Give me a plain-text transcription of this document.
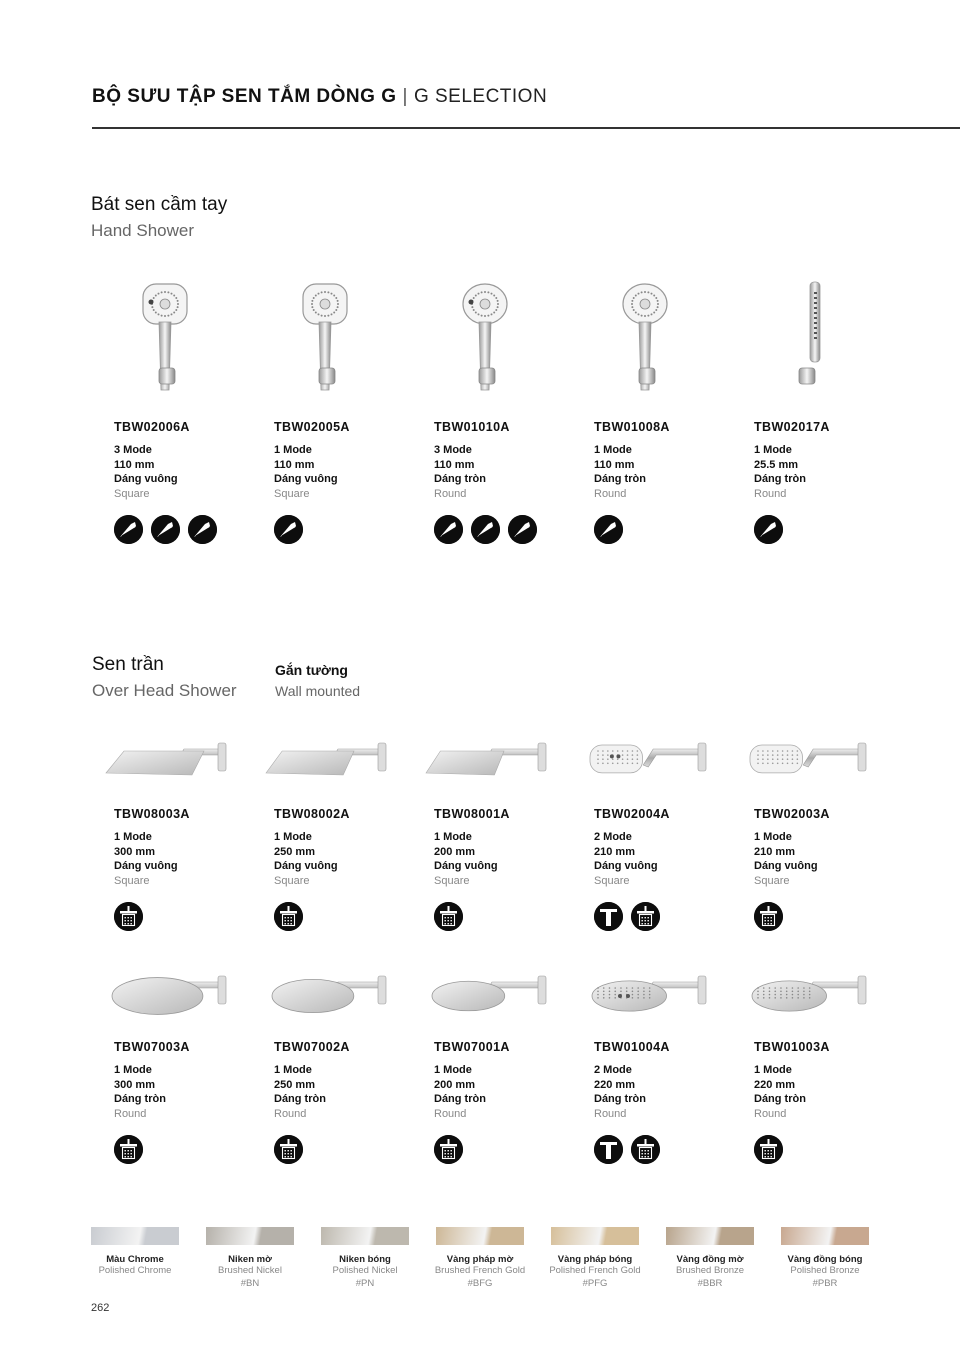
BỘ SƯU TẬP SEN TẮM DÒNG G | G SELECTION
Bát sen cầm tay
Hand Shower
TBW02006A
3 Mode
110 mm
Dáng vuông
Square
TBW02005A
1 Mode
110 mm
Dáng vuông
Square
TBW01010A
3 Mode
110 mm
Dáng tròn
Round
TBW01008A
1 Mode
110 mm
Dáng tròn
Round
TBW02017A
1 Mode
25.5 mm
Dáng tròn
Round
Sen trần
Over Head Shower
Gắn tường
Wall mounted
TBW08003A
1 Mode
300 mm
Dáng vuông
Square
TBW08002A
1 Mode
250 mm
Dáng vuông
Square
TBW08001A
1 Mode
200 mm
Dáng vuông
Square
TBW02004A
2 Mode
210 mm
Dáng vuông
Square
TBW02003A
1 Mode
210 mm
Dáng vuông
Square
TBW07003A
1 Mode
300 mm
Dáng tròn
Round
TBW07002A
1 Mode
250 mm
Dáng tròn
Round
TBW07001A
1 Mode
200 mm
Dáng tròn
Round
TBW01004A
2 Mode
220 mm
Dáng tròn
Round
TBW01003A
1 Mode
220 mm
Dáng tròn
Round
Màu Chrome
Polished Chrome
Niken mờ
Brushed Nickel
#BN
Niken bóng
Polished Nickel
#PN
Vàng pháp mờ
Brushed French Gold
#BFG
Vàng pháp bóng
Polished French Gold
#PFG
Vàng đồng mờ
Brushed Bronze
#BBR
Vàng đồng bóng
Polished Bronze
#PBR
262
